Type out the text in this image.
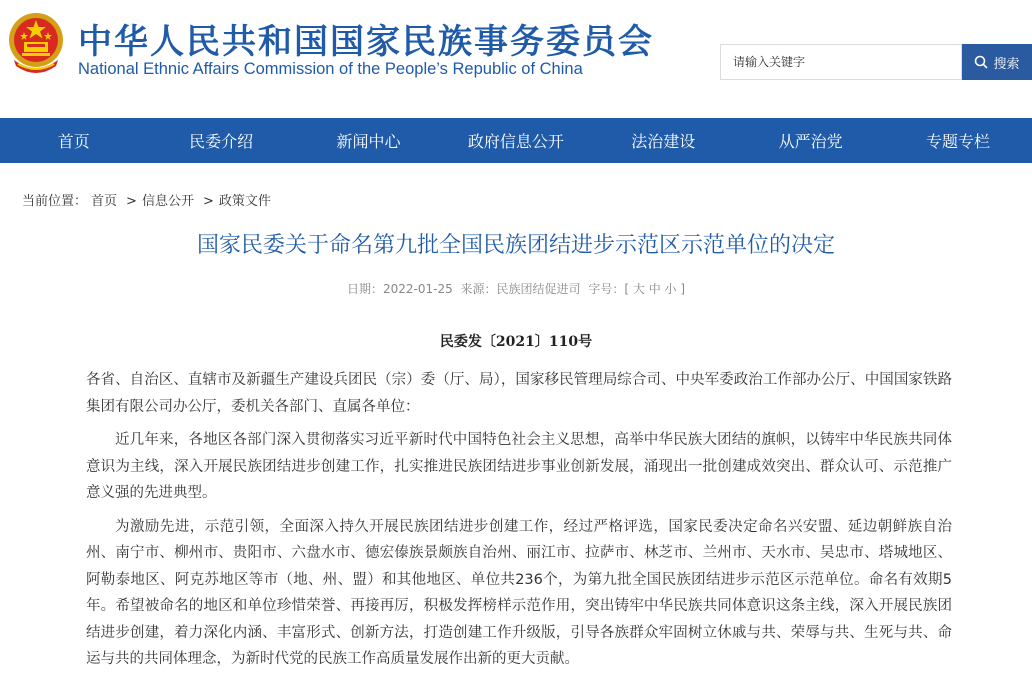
中华人民共和国国家民族事务委员会
National Ethnic Affairs Commission of the People’s Republic of China
请输入关键字	搜索
首页	民委介绍	新闻中心	政府信息公开	法治建设	从严治党	专题专栏
当前位置： 首页 > 信息公开 > 政策文件
国家民委关于命名第九批全国民族团结进步示范区示范单位的决定
日期：2022-01-25 来源：民族团结促进司 字号：[ 大 中 小 ]
民委发〔2021〕110号

各省、自治区、直辖市及新疆生产建设兵团民（宗）委（厅、局），国家移民管理局综合司、中央军委政治工作部办公厅、中国国家铁路集团有限公司办公厅，委机关各部门、直属各单位：

近几年来，各地区各部门深入贯彻落实习近平新时代中国特色社会主义思想，高举中华民族大团结的旗帜，以铸牢中华民族共同体意识为主线，深入开展民族团结进步创建工作，扎实推进民族团结进步事业创新发展，涌现出一批创建成效突出、群众认可、示范推广意义强的先进典型。

为激励先进，示范引领，全面深入持久开展民族团结进步创建工作，经过严格评选，国家民委决定命名兴安盟、延边朝鲜族自治州、南宁市、柳州市、贵阳市、六盘水市、德宏傣族景颇族自治州、丽江市、拉萨市、林芝市、兰州市、天水市、吴忠市、塔城地区、阿勒泰地区、阿克苏地区等市（地、州、盟）和其他地区、单位共236个，为第九批全国民族团结进步示范区示范单位。命名有效期5年。希望被命名的地区和单位珍惜荣誉、再接再厉，积极发挥榜样示范作用，突出铸牢中华民族共同体意识这条主线，深入开展民族团结进步创建，着力深化内涵、丰富形式、创新方法，打造创建工作升级版，引导各族群众牢固树立休戚与共、荣辱与共、生死与共、命运与共的共同体理念，为新时代党的民族工作高质量发展作出新的更大贡献。
